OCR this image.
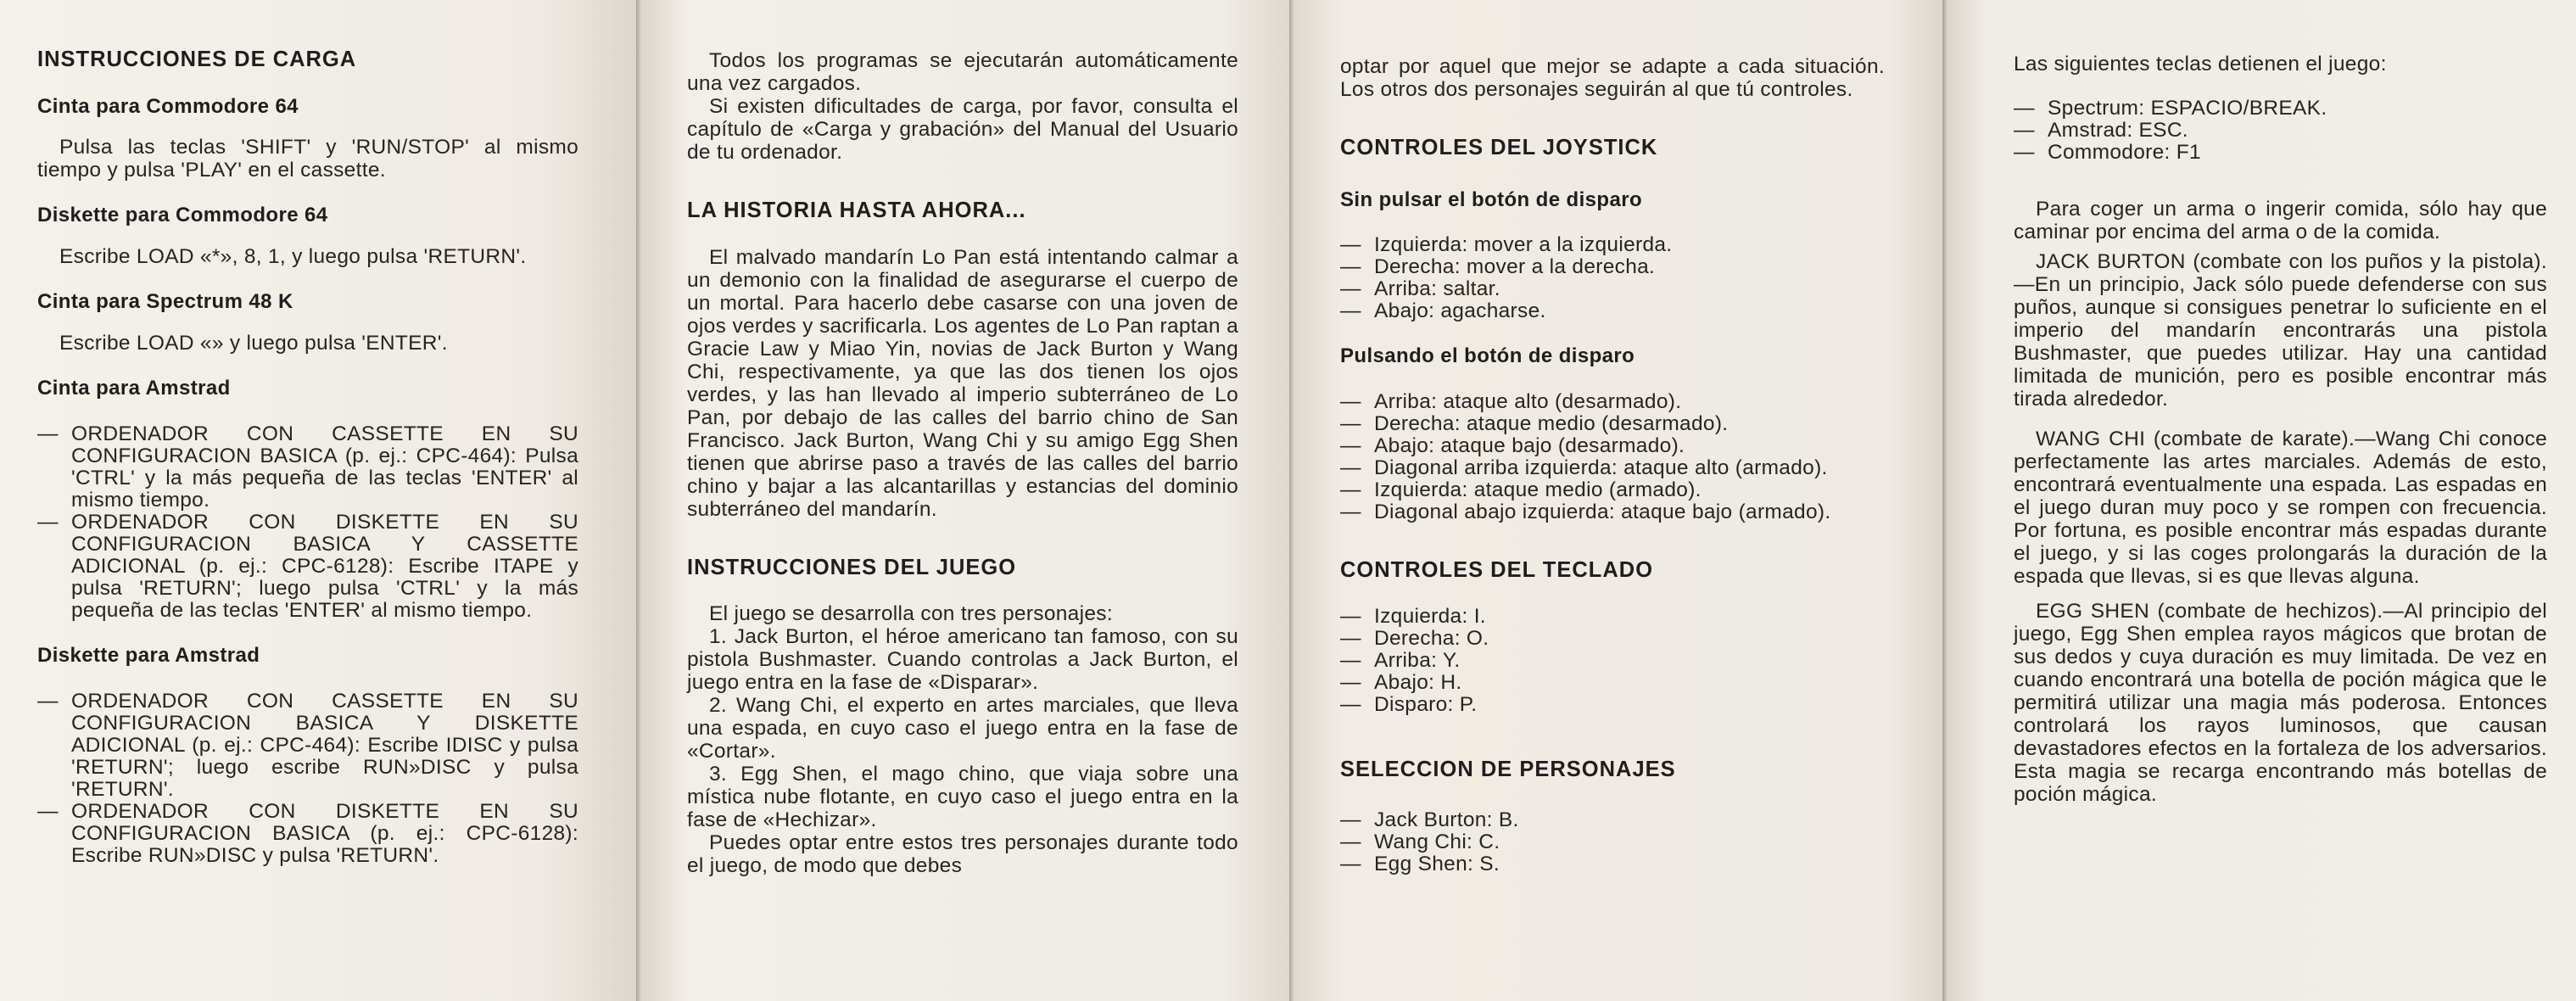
INSTRUCCIONES DE CARGA
Cinta para Commodore 64

Pulsa las teclas 'SHIFT' y 'RUN/STOP' al mismo tiempo y pulsa 'PLAY' en el cassette.

Diskette para Commodore 64

Escribe LOAD «*», 8, 1, y luego pulsa 'RETURN'.

Cinta para Spectrum 48 K

Escribe LOAD «» y luego pulsa 'ENTER'.

Cinta para Amstrad
— ORDENADOR CON CASSETTE EN SU CONFIGURACION BASICA (p. ej.: CPC-464): Pulsa 'CTRL' y la más pequeña de las teclas 'ENTER' al mismo tiempo.
— ORDENADOR CON DISKETTE EN SU CONFIGURACION BASICA Y CASSETTE ADICIONAL (p. ej.: CPC-6128): Escribe ITAPE y pulsa 'RETURN'; luego pulsa 'CTRL' y la más pequeña de las teclas 'ENTER' al mismo tiempo.
Diskette para Amstrad
— ORDENADOR CON CASSETTE EN SU CONFIGURACION BASICA Y DISKETTE ADICIONAL (p. ej.: CPC-464): Escribe IDISC y pulsa 'RETURN'; luego escribe RUN»DISC y pulsa 'RETURN'.
— ORDENADOR CON DISKETTE EN SU CONFIGURACION BASICA (p. ej.: CPC-6128): Escribe RUN»DISC y pulsa 'RETURN'.

Todos los programas se ejecutarán automáticamente una vez cargados.

Si existen dificultades de carga, por favor, consulta el capítulo de «Carga y grabación» del Manual del Usuario de tu ordenador.

LA HISTORIA HASTA AHORA...

El malvado mandarín Lo Pan está intentando calmar a un demonio con la finalidad de asegurarse el cuerpo de un mortal. Para hacerlo debe casarse con una joven de ojos verdes y sacrificarla. Los agentes de Lo Pan raptan a Gracie Law y Miao Yin, novias de Jack Burton y Wang Chi, respectivamente, ya que las dos tienen los ojos verdes, y las han llevado al imperio subterráneo de Lo Pan, por debajo de las calles del barrio chino de San Francisco. Jack Burton, Wang Chi y su amigo Egg Shen tienen que abrirse paso a través de las calles del barrio chino y bajar a las alcantarillas y estancias del dominio subterráneo del mandarín.

INSTRUCCIONES DEL JUEGO

El juego se desarrolla con tres personajes:

1. Jack Burton, el héroe americano tan famoso, con su pistola Bushmaster. Cuando controlas a Jack Burton, el juego entra en la fase de «Disparar».

2. Wang Chi, el experto en artes marciales, que lleva una espada, en cuyo caso el juego entra en la fase de «Cortar».

3. Egg Shen, el mago chino, que viaja sobre una mística nube flotante, en cuyo caso el juego entra en la fase de «Hechizar».

Puedes optar entre estos tres personajes durante todo el juego, de modo que debes

optar por aquel que mejor se adapte a cada situación. Los otros dos personajes seguirán al que tú controles.

CONTROLES DEL JOYSTICK
Sin pulsar el botón de disparo
— Izquierda: mover a la izquierda.
— Derecha: mover a la derecha.
— Arriba: saltar.
— Abajo: agacharse.
Pulsando el botón de disparo
— Arriba: ataque alto (desarmado).
— Derecha: ataque medio (desarmado).
— Abajo: ataque bajo (desarmado).
— Diagonal arriba izquierda: ataque alto (armado).
— Izquierda: ataque medio (armado).
— Diagonal abajo izquierda: ataque bajo (armado).
CONTROLES DEL TECLADO
— Izquierda: I.
— Derecha: O.
— Arriba: Y.
— Abajo: H.
— Disparo: P.
SELECCION DE PERSONAJES
— Jack Burton: B.
— Wang Chi: C.
— Egg Shen: S.

Las siguientes teclas detienen el juego:

— Spectrum: ESPACIO/BREAK.
— Amstrad: ESC.
— Commodore: F1

Para coger un arma o ingerir comida, sólo hay que caminar por encima del arma o de la comida.

JACK BURTON (combate con los puños y la pistola).—En un principio, Jack sólo puede defenderse con sus puños, aunque si consigues penetrar lo suficiente en el imperio del mandarín encontrarás una pistola Bushmaster, que puedes utilizar. Hay una cantidad limitada de munición, pero es posible encontrar más tirada alrededor.

WANG CHI (combate de karate).—Wang Chi conoce perfectamente las artes marciales. Además de esto, encontrará eventualmente una espada. Las espadas en el juego duran muy poco y se rompen con frecuencia. Por fortuna, es posible encontrar más espadas durante el juego, y si las coges prolongarás la duración de la espada que llevas, si es que llevas alguna.

EGG SHEN (combate de hechizos).—Al principio del juego, Egg Shen emplea rayos mágicos que brotan de sus dedos y cuya duración es muy limitada. De vez en cuando encontrará una botella de poción mágica que le permitirá utilizar una magia más poderosa. Entonces controlará los rayos luminosos, que causan devastadores efectos en la fortaleza de los adversarios. Esta magia se recarga encontrando más botellas de poción mágica.
